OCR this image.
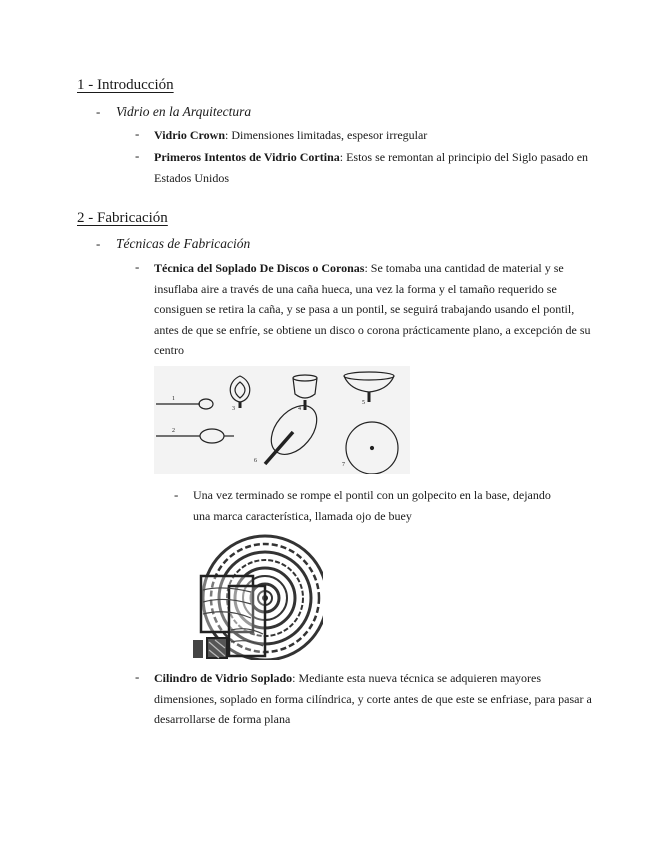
1 - Introducción
- Vidrio en la Arquitectura
- Vidrio Crown: Dimensiones limitadas, espesor irregular
- Primeros Intentos de Vidrio Cortina: Estos se remontan al principio del Siglo pasado en Estados Unidos
2 - Fabricación
- Técnicas de Fabricación
- Técnica del Soplado De Discos o Coronas: Se tomaba una cantidad de material y se insuflaba aire a través de una caña hueca, una vez la forma y el tamaño requerido se consiguen se retira la caña, y se pasa a un pontil, se seguirá trabajando usando el pontil, antes de que se enfríe, se obtiene un disco o corona prácticamente plano, a excepción de su centro
1
2
3	4
5
6
7
- Una vez terminado se rompe el pontil con un golpecito en la base, dejando una marca característica, llamada ojo de buey
- Cilindro de Vidrio Soplado: Mediante esta nueva técnica se adquieren mayores dimensiones, soplado en forma cilíndrica, y corte antes de que este se enfriase, para pasar a desarrollarse de forma plana
